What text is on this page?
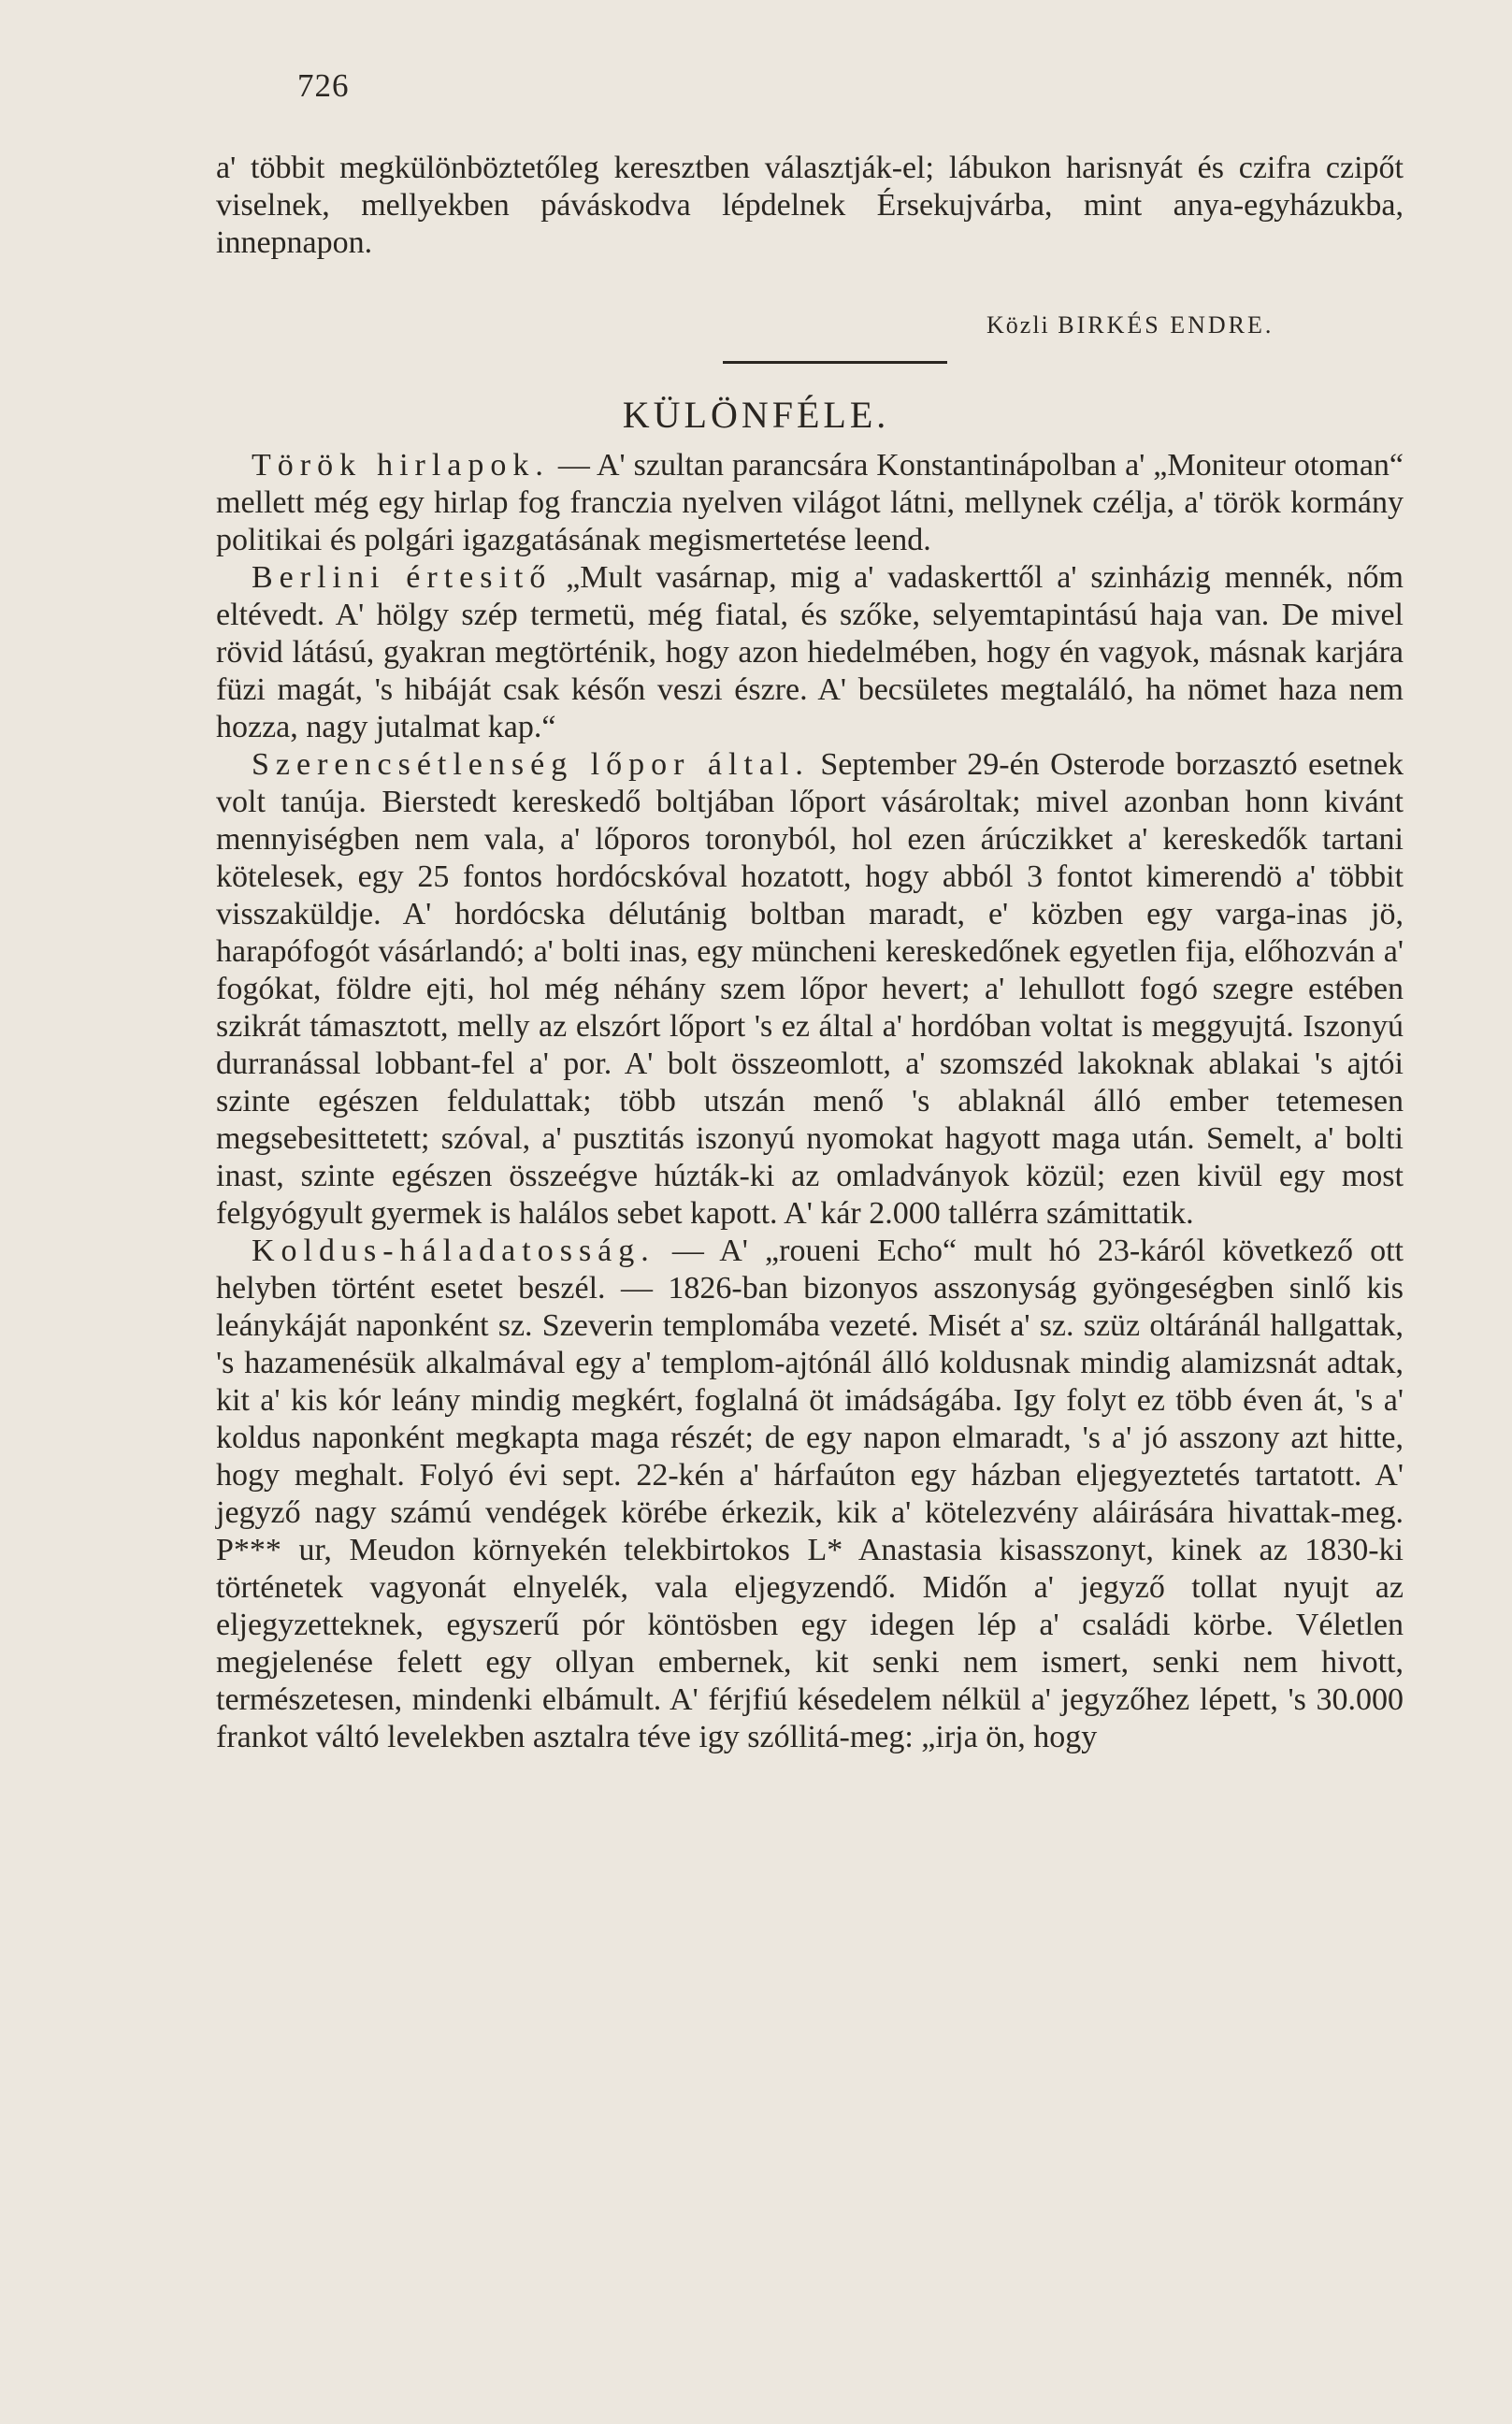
726

a' többit megkülönböztetőleg keresztben választják-el; lábukon harisnyát és czifra czipőt viselnek, mellyekben páváskodva lépdelnek Érsekujvárba, mint anya-egyházukba, innepnapon.

Közli BIRKÉS ENDRE.
KÜLÖNFÉLE.

Török hirlapok. — A' szultan parancsára Konstantinápolban a' „Moniteur otoman“ mellett még egy hirlap fog franczia nyelven világot látni, mellynek czélja, a' török kormány politikai és polgári igazgatásának megismertetése leend.

Berlini értesitő „Mult vasárnap, mig a' vadaskerttől a' szinházig mennék, nőm eltévedt. A' hölgy szép termetü, még fiatal, és szőke, selyemtapintású haja van. De mivel rövid látású, gyakran megtörténik, hogy azon hiedelmében, hogy én vagyok, másnak karjára füzi magát, 's hibáját csak későn veszi észre. A' becsületes megtaláló, ha nömet haza nem hozza, nagy jutalmat kap.“

Szerencsétlenség lőpor által. September 29-én Osterode borzasztó esetnek volt tanúja. Bierstedt kereskedő boltjában lőport vásároltak; mivel azonban honn kivánt mennyiségben nem vala, a' lőporos toronyból, hol ezen árúczikket a' kereskedők tartani kötelesek, egy 25 fontos hordócskóval hozatott, hogy abból 3 fontot kimerendö a' többit visszaküldje. A' hordócska délutánig boltban maradt, e' közben egy varga-inas jö, harapófogót vásárlandó; a' bolti inas, egy müncheni kereskedőnek egyetlen fija, előhozván a' fogókat, földre ejti, hol még néhány szem lőpor hevert; a' lehullott fogó szegre estében szikrát támasztott, melly az elszórt lőport 's ez által a' hordóban voltat is meggyujtá. Iszonyú durranással lobbant-fel a' por. A' bolt összeomlott, a' szomszéd lakoknak ablakai 's ajtói szinte egészen feldulattak; több utszán menő 's ablaknál álló ember tetemesen megsebesittetett; szóval, a' pusztitás iszonyú nyomokat hagyott maga után. Semelt, a' bolti inast, szinte egészen összeégve húzták-ki az omladványok közül; ezen kivül egy most felgyógyult gyermek is halálos sebet kapott. A' kár 2.000 tallérra számittatik.

Koldus-háladatosság. — A' „roueni Echo“ mult hó 23-káról következő ott helyben történt esetet beszél. — 1826-ban bizonyos asszonyság gyöngeségben sinlő kis leánykáját naponként sz. Szeverin templomába vezeté. Misét a' sz. szüz oltáránál hallgattak, 's hazamenésük alkalmával egy a' templom-ajtónál álló koldusnak mindig alamizsnát adtak, kit a' kis kór leány mindig megkért, foglalná öt imádságába. Igy folyt ez több éven át, 's a' koldus naponként megkapta maga részét; de egy napon elmaradt, 's a' jó asszony azt hitte, hogy meghalt. Folyó évi sept. 22-kén a' hárfaúton egy házban eljegyeztetés tartatott. A' jegyző nagy számú vendégek körébe érkezik, kik a' kötelezvény aláirására hivattak-meg. P*** ur, Meudon környekén telekbirtokos L* Anastasia kisasszonyt, kinek az 1830-ki történetek vagyonát elnyelék, vala eljegyzendő. Midőn a' jegyző tollat nyujt az eljegyzetteknek, egyszerű pór köntösben egy idegen lép a' családi körbe. Véletlen megjelenése felett egy ollyan embernek, kit senki nem ismert, senki nem hivott, természetesen, mindenki elbámult. A' férjfiú késedelem nélkül a' jegyzőhez lépett, 's 30.000 frankot váltó levelekben asztalra téve igy szóllitá-meg: „irja ön, hogy
